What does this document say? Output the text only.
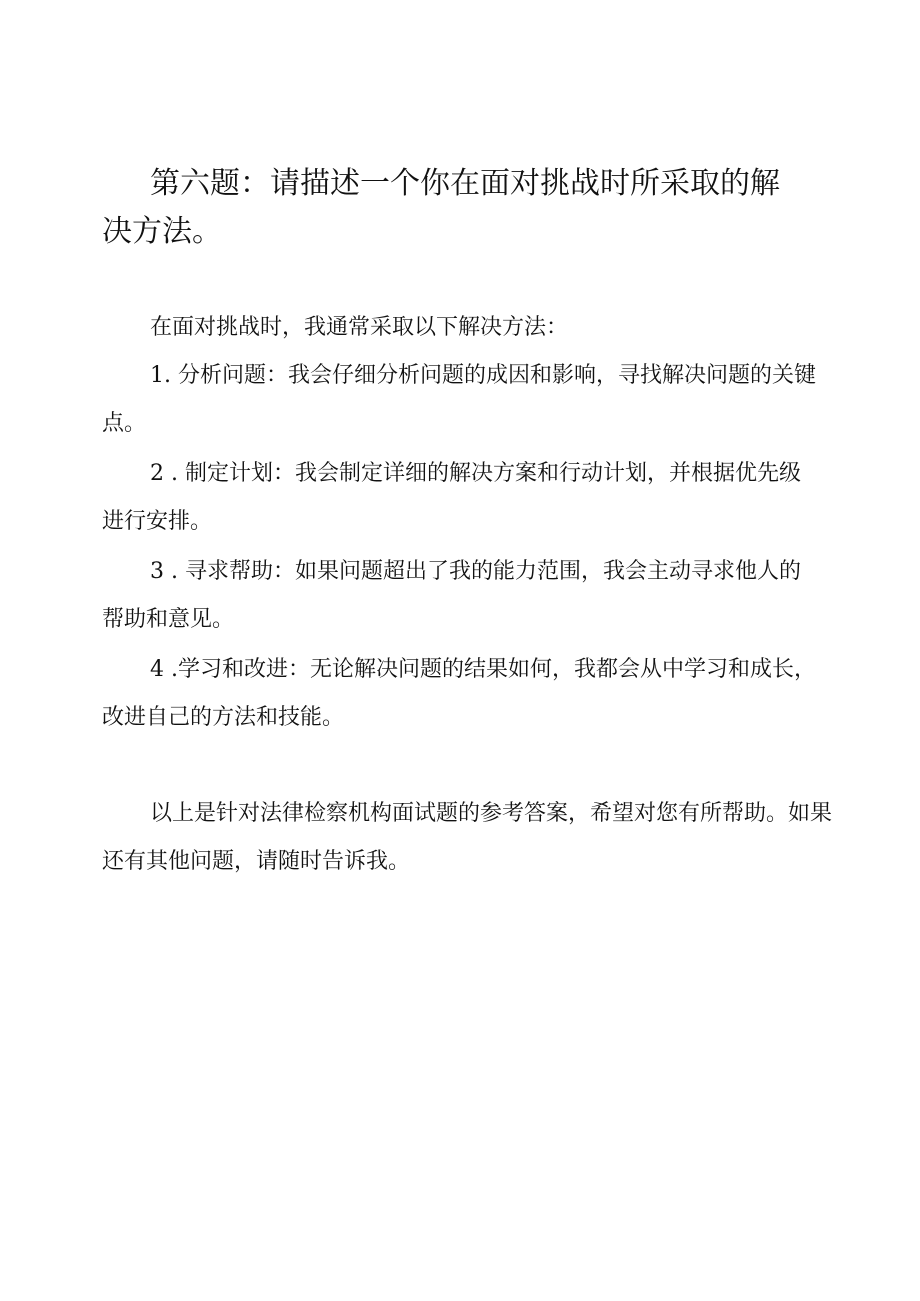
第六题：请描述一个你在面对挑战时所采取的解决方法。

在面对挑战时，我通常采取以下解决方法：

1. 分析问题：我会仔细分析问题的成因和影响，寻找解决问题的关键点。

2 . 制定计划：我会制定详细的解决方案和行动计划，并根据优先级进行安排。

3 . 寻求帮助：如果问题超出了我的能力范围，我会主动寻求他人的帮助和意见。

4 .学习和改进：无论解决问题的结果如何，我都会从中学习和成长，改进自己的方法和技能。

以上是针对法律检察机构面试题的参考答案，希望对您有所帮助。如果还有其他问题，请随时告诉我。
